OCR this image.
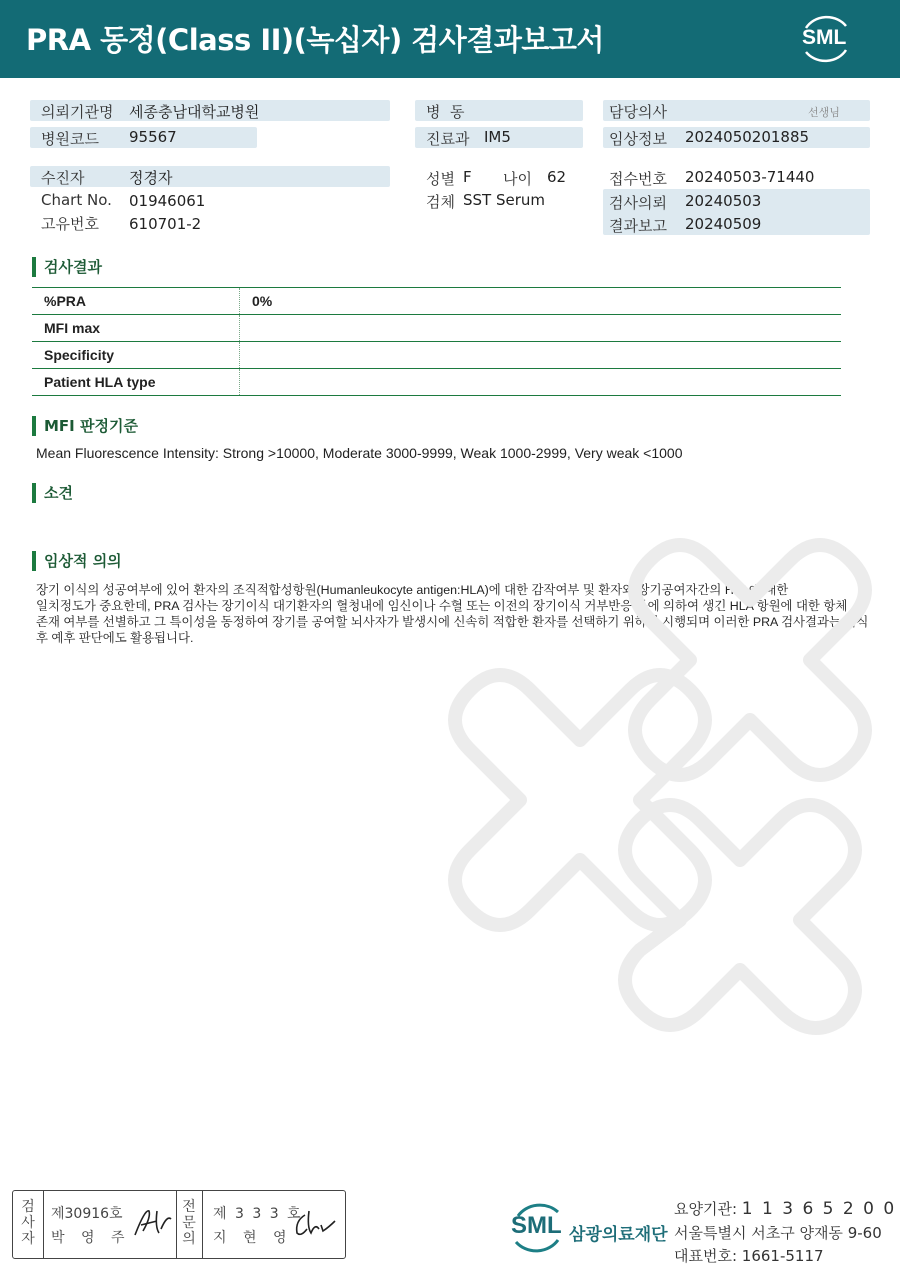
PRA 동정(Class II)(녹십자) 검사결과보고서	SML
의뢰기관명 세종충남대학교병원
병원코드 95567
병  동
진료과 IM5
담당의사	선생님
임상정보 2024050201885
수진자	정경자
Chart No. 01946061
고유번호 610701-2
성별 F 나이 62
검체 SST Serum
접수번호 20240503-71440
검사의뢰 20240503
결과보고 20240509
검사결과
%PRA	0%
MFI max	
Specificity	
Patient HLA type	
MFI 판정기준
Mean Fluorescence Intensity: Strong >10000, Moderate 3000-9999, Weak 1000-2999, Very weak <1000
소견
임상적 의의
장기 이식의 성공여부에 있어 환자의 조직적합성항원(Humanleukocyte antigen:HLA)에 대한 감작여부 및 환자와 장기공여자간의 HLA에 대한
일치정도가 중요한데, PRA 검사는 장기이식 대기환자의 혈청내에 임신이나 수혈 또는 이전의 장기이식 거부반응 등에 의하여 생긴 HLA 항원에 대한 항체
존재 여부를 선별하고 그 특이성을 동정하여 장기를 공여할 뇌사자가 발생시에 신속히 적합한 환자를 선택하기 위하여 시행되며 이러한 PRA 검사결과는 이식
후 예후 판단에도 활용됩니다.
검사자
제30916호
박 영 주
전문의
제 3 3 3 호
지 현 영	SML 삼광의료재단
요양기관: 1 1 3 6 5 2 0 0
서울특별시 서초구 양재동 9-60
대표번호: 1661-5117
